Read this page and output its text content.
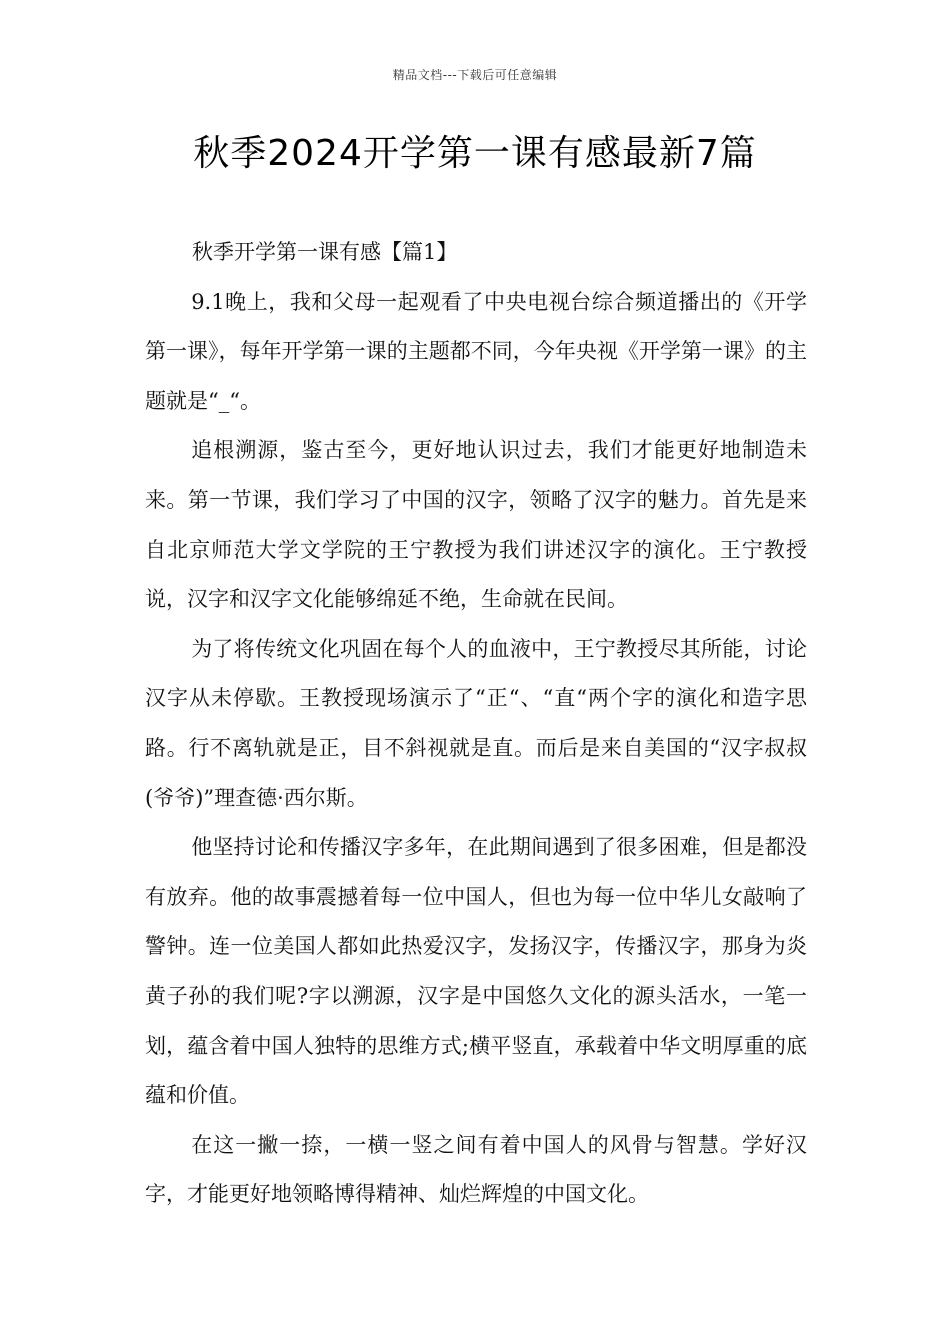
精品文档---下载后可任意编辑
秋季2024开学第一课有感最新7篇
秋季开学第一课有感【篇1】

9.1晚上，我和父母一起观看了中央电视台综合频道播出的《开学第一课》，每年开学第一课的主题都不同，今年央视《开学第一课》的主题就是“_“。

追根溯源，鉴古至今，更好地认识过去，我们才能更好地制造未来。第一节课，我们学习了中国的汉字，领略了汉字的魅力。首先是来自北京师范大学文学院的王宁教授为我们讲述汉字的演化。王宁教授说，汉字和汉字文化能够绵延不绝，生命就在民间。

为了将传统文化巩固在每个人的血液中，王宁教授尽其所能，讨论汉字从未停歇。王教授现场演示了“正“、“直“两个字的演化和造字思路。行不离轨就是正，目不斜视就是直。而后是来自美国的“汉字叔叔(爷爷)”理查德·西尔斯。

他坚持讨论和传播汉字多年，在此期间遇到了很多困难，但是都没有放弃。他的故事震撼着每一位中国人，但也为每一位中华儿女敲响了警钟。连一位美国人都如此热爱汉字，发扬汉字，传播汉字，那身为炎黄子孙的我们呢?字以溯源，汉字是中国悠久文化的源头活水，一笔一划，蕴含着中国人独特的思维方式;横平竖直，承载着中华文明厚重的底蕴和价值。

在这一撇一捺，一横一竖之间有着中国人的风骨与智慧。学好汉字，才能更好地领略博得精神、灿烂辉煌的中国文化。
